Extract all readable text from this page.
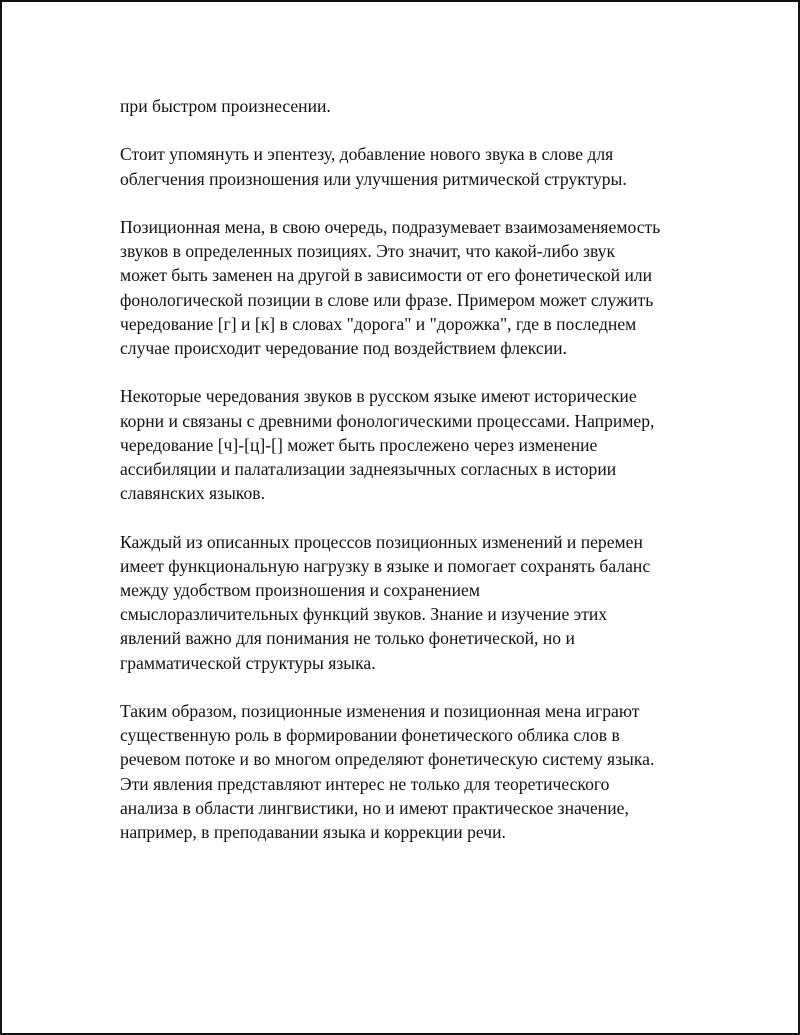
при быстром произнесении.

Стоит упомянуть и эпентезу, добавление нового звука в слове для
облегчения произношения или улучшения ритмической структуры.

Позиционная мена, в свою очередь, подразумевает взаимозаменяемость
звуков в определенных позициях. Это значит, что какой-либо звук
может быть заменен на другой в зависимости от его фонетической или
фонологической позиции в слове или фразе. Примером может служить
чередование [г] и [к] в словах "дорога" и "дорожка", где в последнем
случае происходит чередование под воздействием флексии.

Некоторые чередования звуков в русском языке имеют исторические
корни и связаны с древними фонологическими процессами. Например,
чередование [ч]-[ц]-[] может быть прослежено через изменение
ассибиляции и палатализации заднеязычных согласных в истории
славянских языков.

Каждый из описанных процессов позиционных изменений и перемен
имеет функциональную нагрузку в языке и помогает сохранять баланс
между удобством произношения и сохранением
смыслоразличительных функций звуков. Знание и изучение этих
явлений важно для понимания не только фонетической, но и
грамматической структуры языка.

Таким образом, позиционные изменения и позиционная мена играют
существенную роль в формировании фонетического облика слов в
речевом потоке и во многом определяют фонетическую систему языка.
Эти явления представляют интерес не только для теоретического
анализа в области лингвистики, но и имеют практическое значение,
например, в преподавании языка и коррекции речи.
